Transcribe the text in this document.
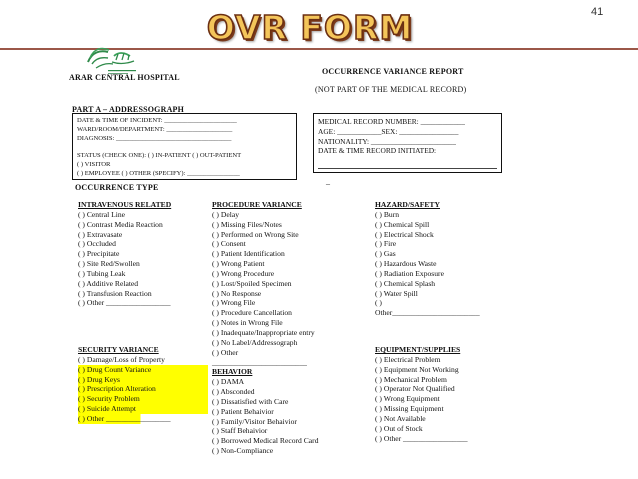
OVR FORM	41
ARAR CENTRAL HOSPITAL
OCCURRENCE VARIANCE REPORT
(NOT PART OF THE MEDICAL RECORD)
PART A – ADDRESSOGRAPH
DATE & TIME OF INCIDENT: ______________________
WARD/ROOM/DEPARTMENT: ____________________
DIAGNOSIS: ___________________________________

STATUS (CHECK ONE): ( ) IN-PATIENT ( ) OUT-PATIENT
( ) VISITOR
( ) EMPLOYEE ( ) OTHER (SPECIFY): ________________
MEDICAL RECORD NUMBER: ____________
AGE: ____________SEX: ________________
NATIONALITY: _______________________
DATE & TIME RECORD INITIATED:
_
OCCURRENCE TYPE
INTRAVENOUS RELATED
( ) Central Line
( ) Contrast Media Reaction
( ) Extravasate
( ) Occluded
( ) Precipitate
( ) Site Red/Swollen
( ) Tubing Leak
( ) Additive Related
( ) Transfusion Reaction
( ) Other _________________
SECURITY VARIANCE
( ) Damage/Loss of Property
( ) Drug Count Variance
( ) Drug Keys
( ) Prescription Alteration
( ) Security Problem
( ) Suicide Attempt
( ) Other _________________
PROCEDURE VARIANCE
( ) Delay
( ) Missing Files/Notes
( ) Performed on Wrong Site
( ) Consent
( ) Patient Identification
( ) Wrong Patient
( ) Wrong Procedure
( ) Lost/Spoiled Specimen
( ) No Response
( ) Wrong File
( ) Procedure Cancellation
( ) Notes in Wrong File
( ) Inadequate/Inappropriate entry
( ) No Label/Addressograph
( ) Other
_________________________
BEHAVIOR
( ) DAMA
( ) Absconded
( ) Dissatisfied with Care
( ) Patient Behaivior
( ) Family/Visitor Behaivior
( ) Staff Behaivior
( ) Borrowed Medical Record Card
( ) Non-Compliance
HAZARD/SAFETY
( ) Burn
( ) Chemical Spill
( ) Electrical Shock
( ) Fire
( ) Gas
( ) Hazardous Waste
( ) Radiation Exposure
( ) Chemical Splash
( ) Water Spill
( )
Other_______________________
EQUIPMENT/SUPPLIES
( ) Electrical Problem
( ) Equipment Not Working
( ) Mechanical Problem
( ) Operator Not Qualified
( ) Wrong Equipment
( ) Missing Equipment
( ) Not Available
( ) Out of Stock
( ) Other _________________
